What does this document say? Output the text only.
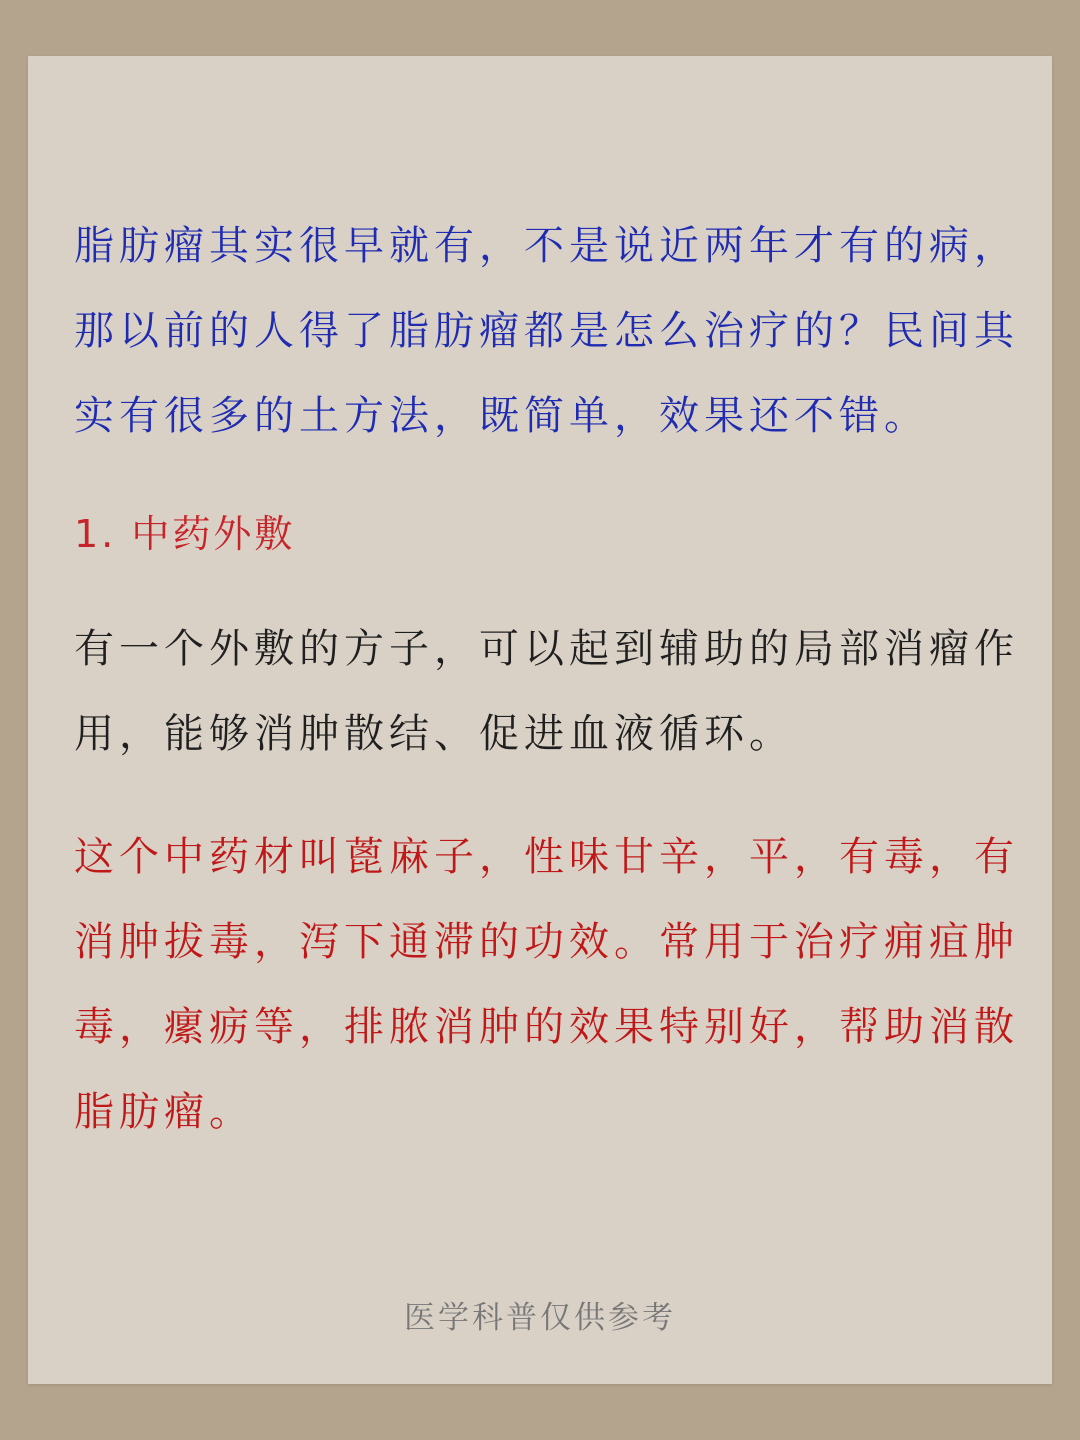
脂肪瘤其实很早就有，不是说近两年才有的病，那以前的人得了脂肪瘤都是怎么治疗的？民间其实有很多的土方法，既简单，效果还不错。

1. 中药外敷

有一个外敷的方子，可以起到辅助的局部消瘤作用，能够消肿散结、促进血液循环。

这个中药材叫蓖麻子，性味甘辛，平，有毒，有消肿拔毒，泻下通滞的功效。常用于治疗痈疽肿毒，瘰疬等，排脓消肿的效果特别好，帮助消散脂肪瘤。

医学科普仅供参考
